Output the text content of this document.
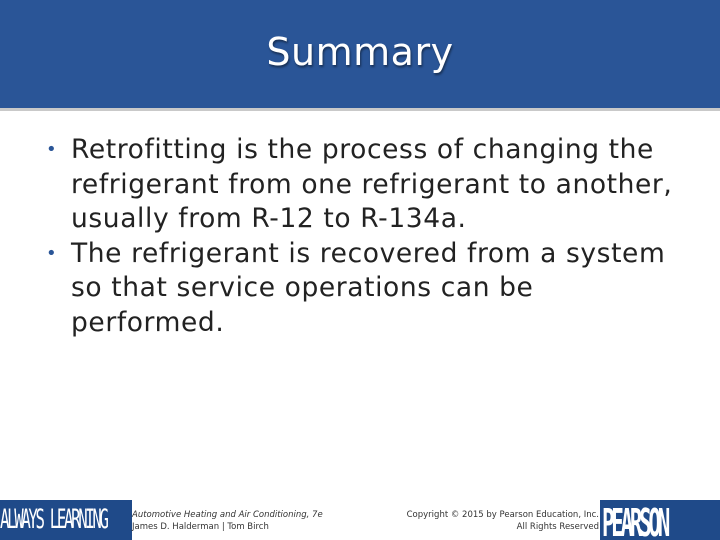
Summary
• Retrofitting is the process of changing the refrigerant from one refrigerant to another, usually from R-12 to R-134a.
• The refrigerant is recovered from a system so that service operations can be performed.
ALWAYS LEARNING	PEARSON
Automotive Heating and Air Conditioning, 7e
James D. Halderman | Tom Birch
Copyright © 2015 by Pearson Education, Inc.
All Rights Reserved
